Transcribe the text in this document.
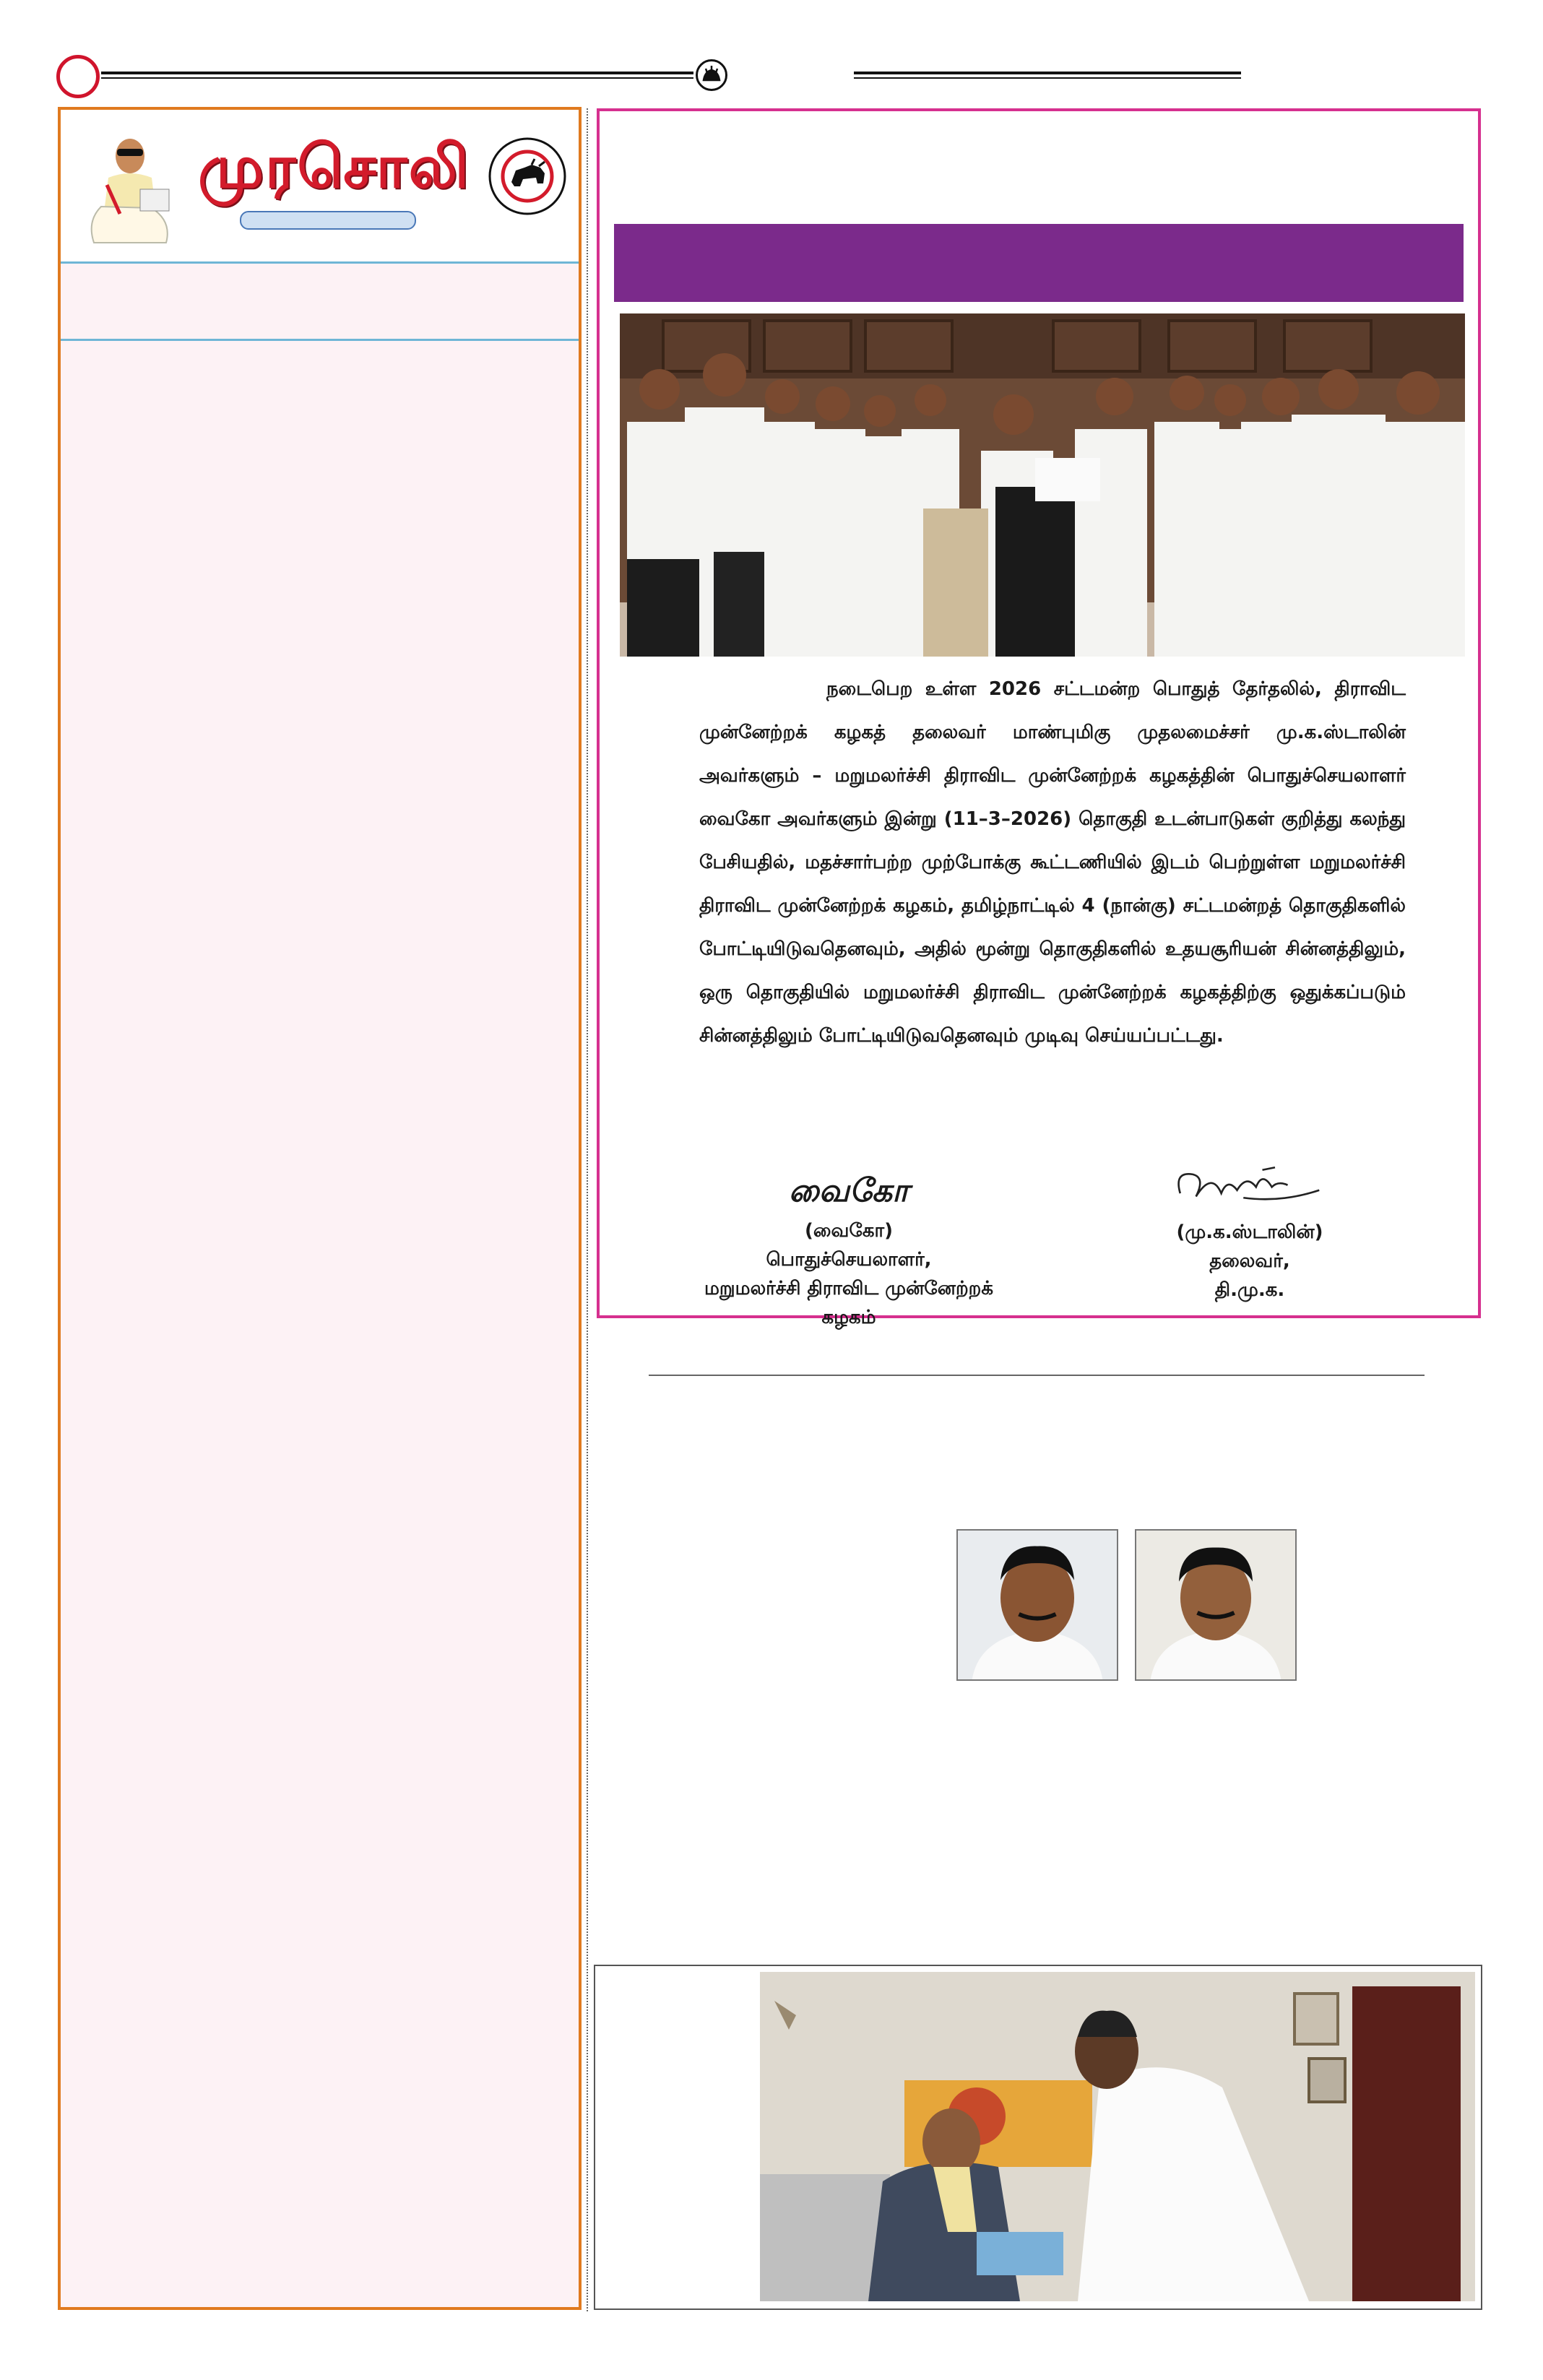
முரசொலி
நடைபெற உள்ள 2026 சட்டமன்ற பொதுத் தேர்தலில், திராவிட முன்னேற்றக் கழகத் தலைவர் மாண்புமிகு முதலமைச்சர் மு.க.ஸ்டாலின் அவர்களும் – மறுமலர்ச்சி திராவிட முன்னேற்றக் கழகத்தின் பொதுச்செயலாளர் வைகோ அவர்களும் இன்று (11–3–2026) தொகுதி உடன்பாடுகள் குறித்து கலந்து பேசியதில், மதச்சார்பற்ற முற்போக்கு கூட்டணியில் இடம் பெற்றுள்ள மறுமலர்ச்சி திராவிட முன்னேற்றக் கழகம், தமிழ்நாட்டில் 4 (நான்கு) சட்டமன்றத் தொகுதிகளில் போட்டியிடுவதெனவும், அதில் மூன்று தொகுதிகளில் உதயசூரியன் சின்னத்திலும், ஒரு தொகுதியில் மறுமலர்ச்சி திராவிட முன்னேற்றக் கழகத்திற்கு ஒதுக்கப்படும் சின்னத்திலும் போட்டியிடுவதெனவும் முடிவு செய்யப்பட்டது.
வைகோ
(வைகோ)
பொதுச்செயலாளர்,
மறுமலர்ச்சி திராவிட முன்னேற்றக் கழகம்
(மு.க.ஸ்டாலின்)
தலைவர்,
தி.மு.க.
